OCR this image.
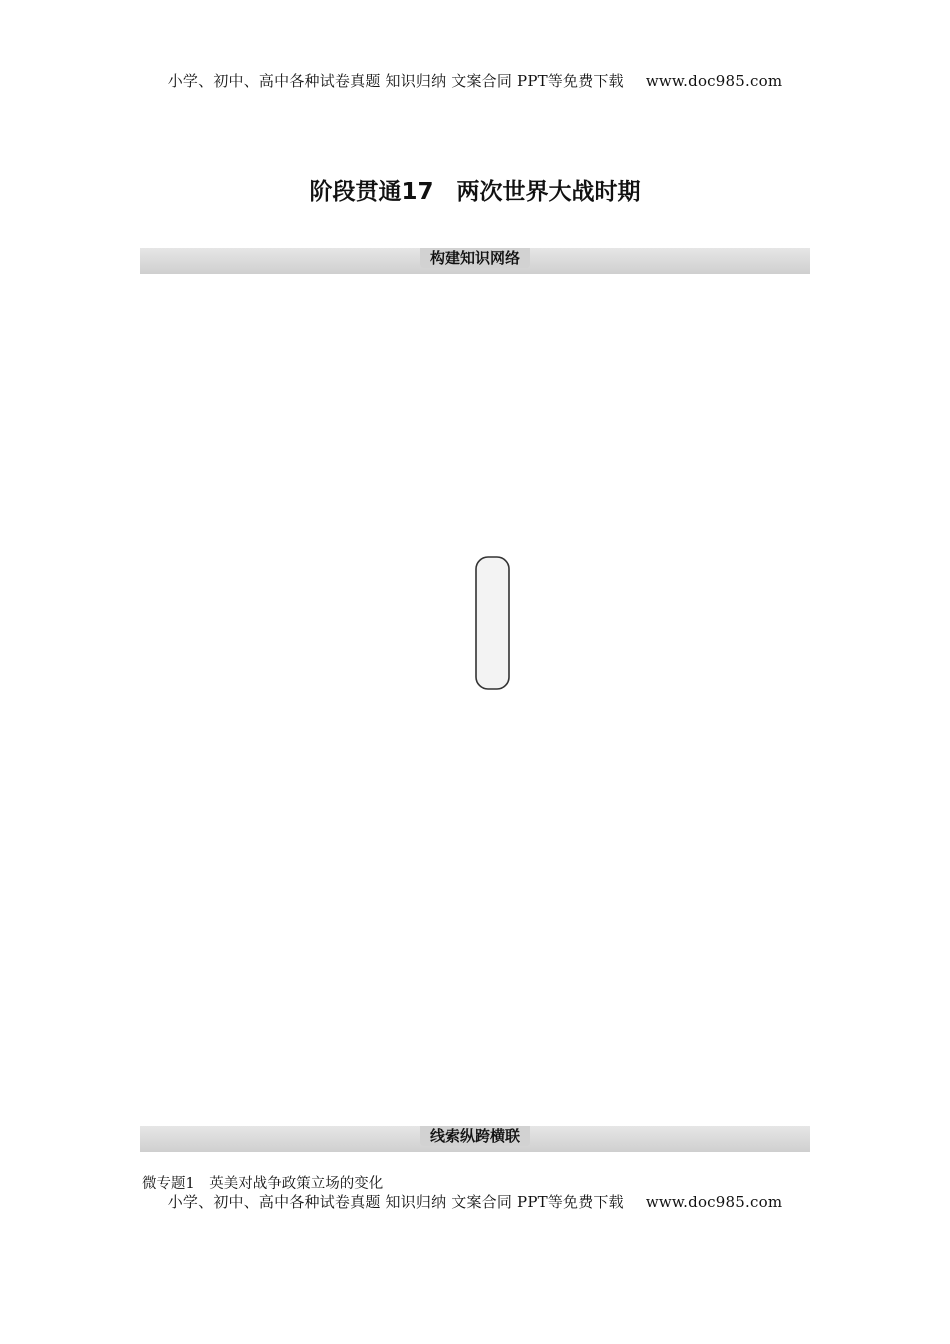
小学、初中、高中各种试卷真题 知识归纳 文案合同 PPT等免费下载 www.doc985.com
阶段贯通17　两次世界大战时期
构建知识网络
线索纵跨横联
微专题1　英美对战争政策立场的变化
小学、初中、高中各种试卷真题 知识归纳 文案合同 PPT等免费下载 www.doc985.com
